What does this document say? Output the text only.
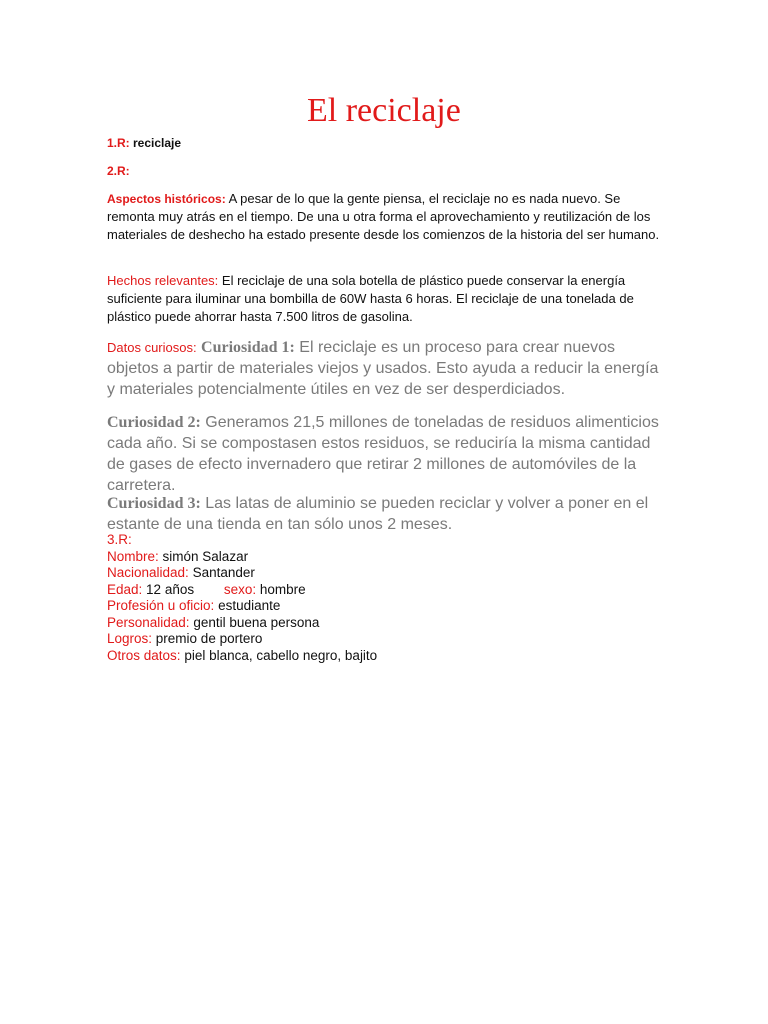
El reciclaje
1.R: reciclaje
2.R:
Aspectos históricos: A pesar de lo que la gente piensa, el reciclaje no es nada nuevo. Se remonta muy atrás en el tiempo. De una u otra forma el aprovechamiento y reutilización de los materiales de deshecho ha estado presente desde los comienzos de la historia del ser humano.
Hechos relevantes: El reciclaje de una sola botella de plástico puede conservar la energía suficiente para iluminar una bombilla de 60W hasta 6 horas. El reciclaje de una tonelada de plástico puede ahorrar hasta 7.500 litros de gasolina.
Datos curiosos: Curiosidad 1: El reciclaje es un proceso para crear nuevos objetos a partir de materiales viejos y usados. Esto ayuda a reducir la energía y materiales potencialmente útiles en vez de ser desperdiciados.
Curiosidad 2: Generamos 21,5 millones de toneladas de residuos alimenticios cada año. Si se compostasen estos residuos, se reduciría la misma cantidad de gases de efecto invernadero que retirar 2 millones de automóviles de la carretera.
Curiosidad 3: Las latas de aluminio se pueden reciclar y volver a poner en el estante de una tienda en tan sólo unos 2 meses.
3.R:
Nombre: simón Salazar
Nacionalidad: Santander
Edad: 12 años sexo: hombre
Profesión u oficio: estudiante
Personalidad: gentil buena persona
Logros: premio de portero
Otros datos: piel blanca, cabello negro, bajito
